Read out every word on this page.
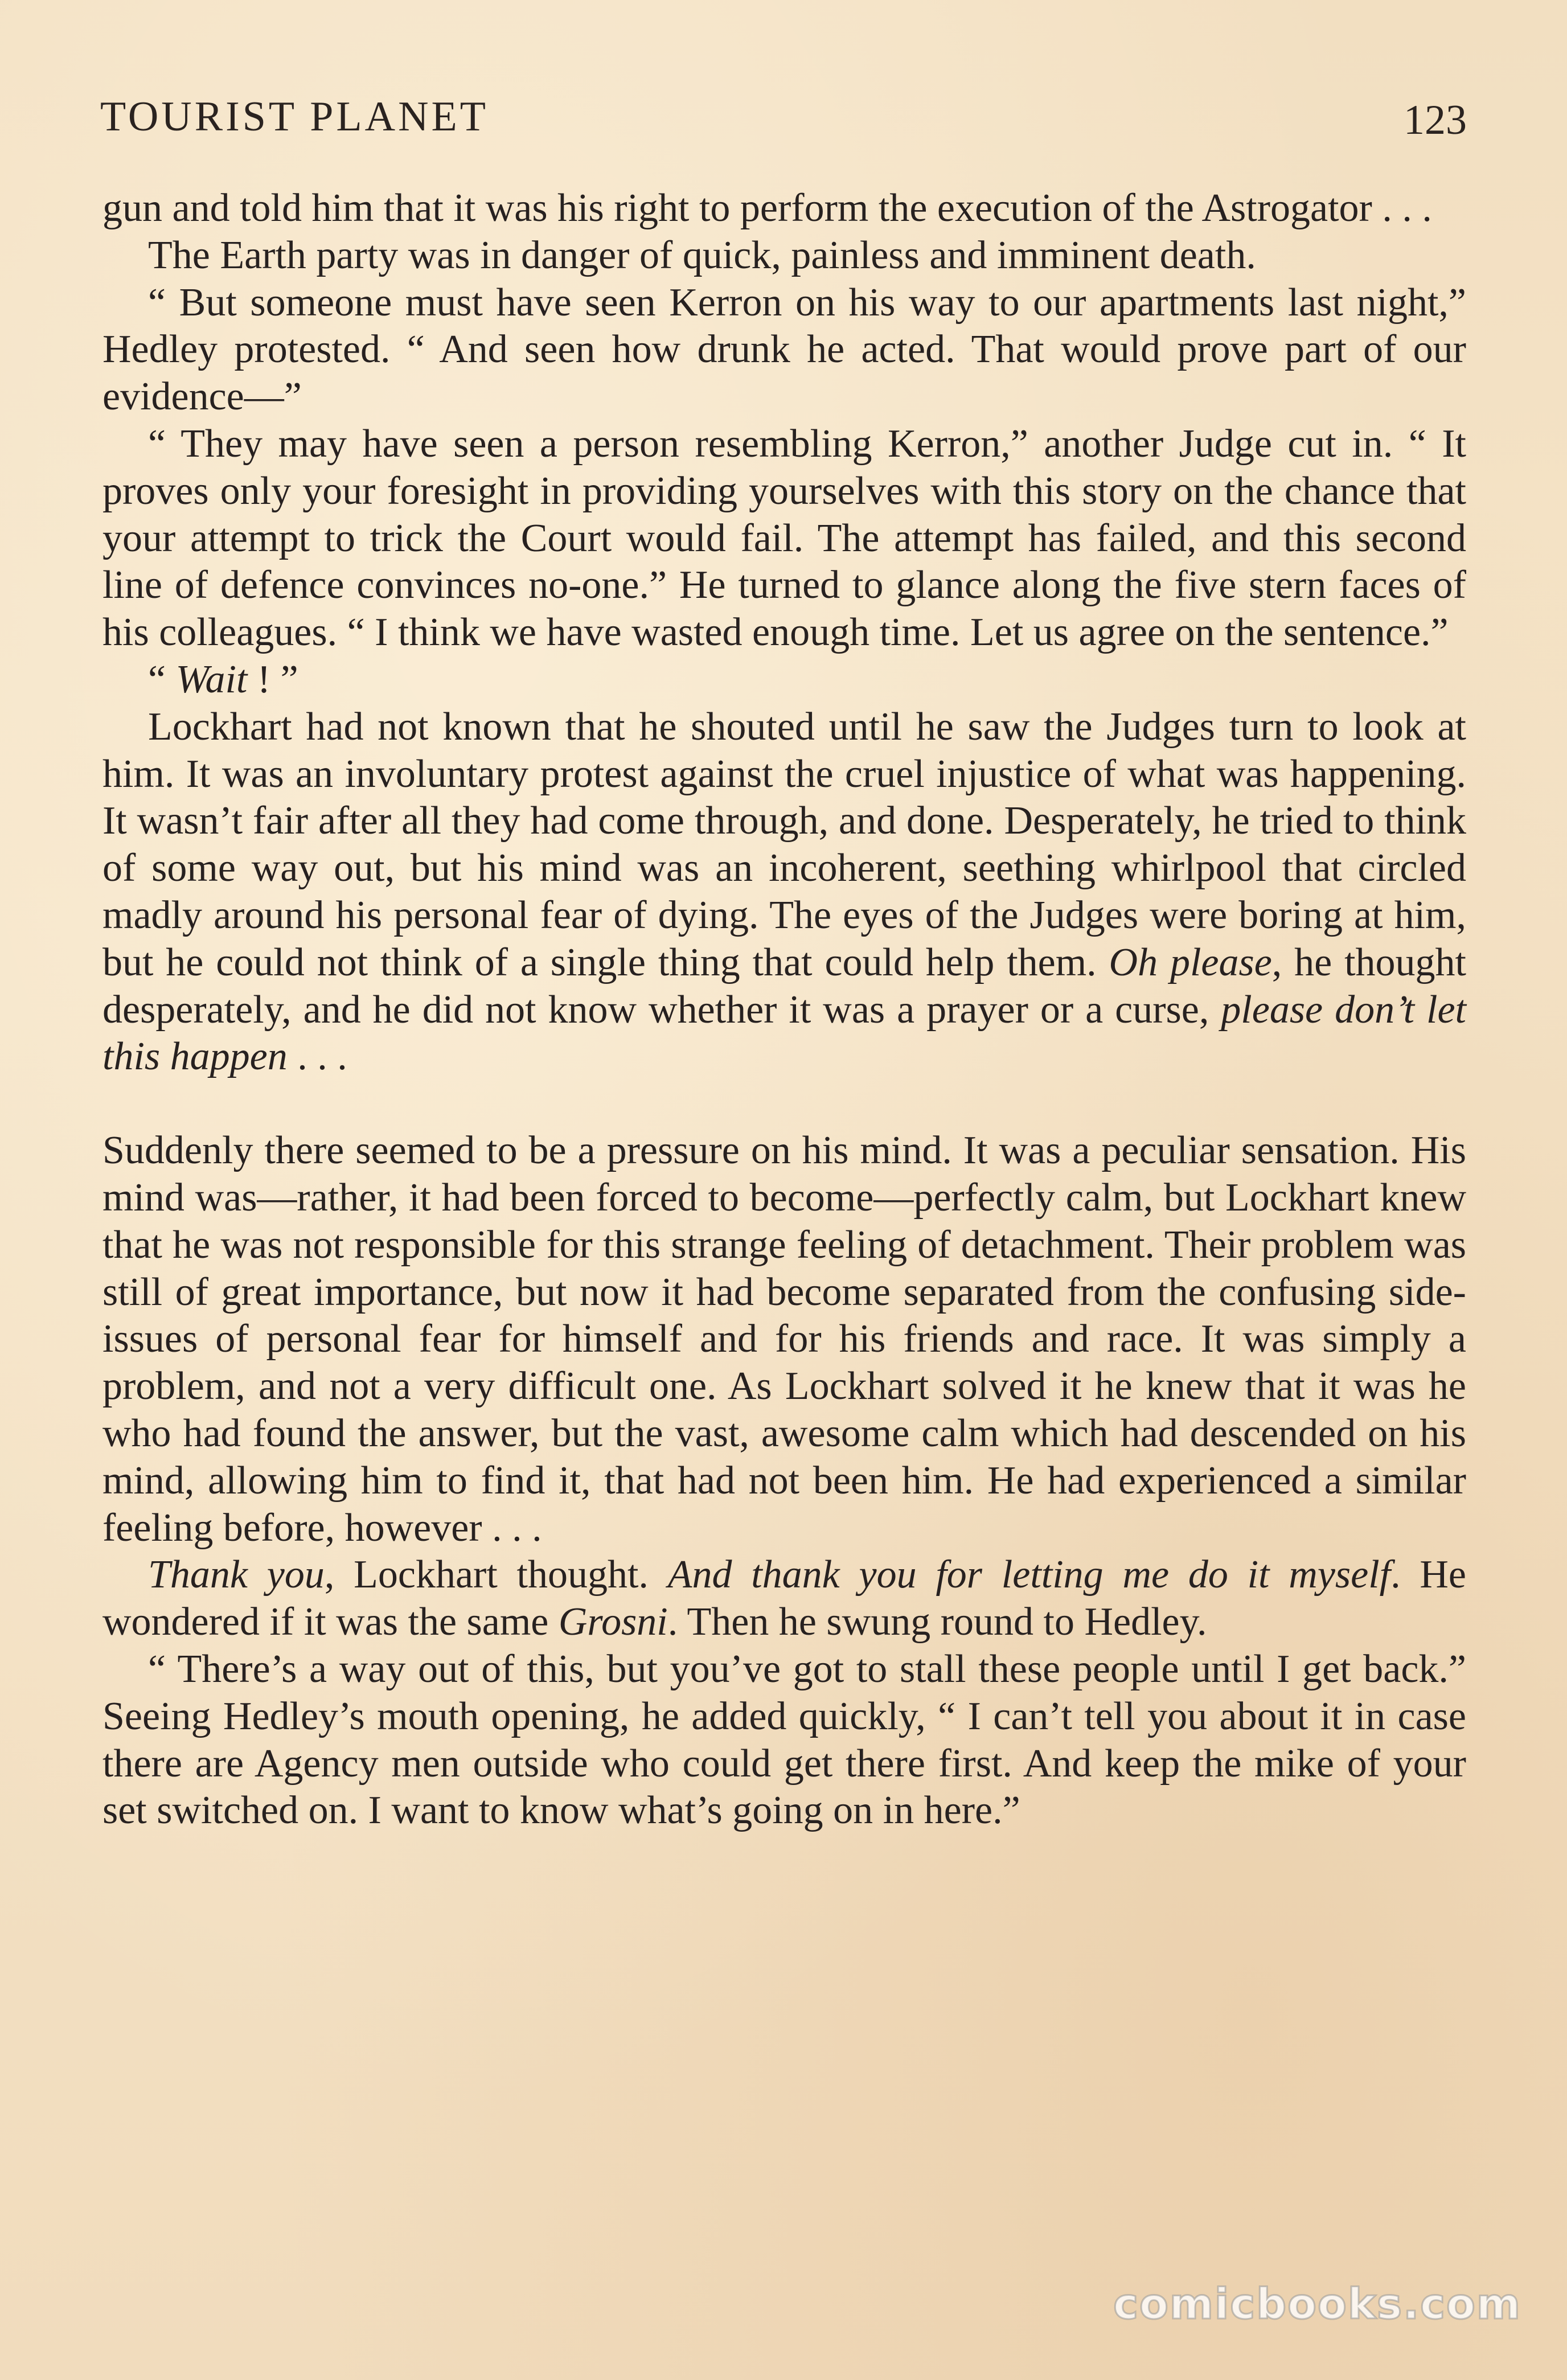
TOURIST PLANET	123

gun and told him that it was his right to perform the execution of the Astrogator . . .

The Earth party was in danger of quick, painless and imminent death.

“ But someone must have seen Kerron on his way to our apartments last night,” Hedley protested. “ And seen how drunk he acted. That would prove part of our evidence—”

“ They may have seen a person resembling Kerron,” another Judge cut in. “ It proves only your foresight in providing yourselves with this story on the chance that your attempt to trick the Court would fail. The attempt has failed, and this second line of defence convinces no-one.” He turned to glance along the five stern faces of his colleagues. “ I think we have wasted enough time. Let us agree on the sentence.”

“ Wait ! ”

Lockhart had not known that he shouted until he saw the Judges turn to look at him. It was an involuntary protest against the cruel injustice of what was happening. It wasn’t fair after all they had come through, and done. Desperately, he tried to think of some way out, but his mind was an incoherent, seething whirlpool that circled madly around his personal fear of dying. The eyes of the Judges were boring at him, but he could not think of a single thing that could help them. Oh please, he thought desperately, and he did not know whether it was a prayer or a curse, please don’t let this happen . . .

Suddenly there seemed to be a pressure on his mind. It was a peculiar sensation. His mind was—rather, it had been forced to become—perfectly calm, but Lockhart knew that he was not responsible for this strange feeling of detachment. Their problem was still of great importance, but now it had become separated from the confusing side-issues of personal fear for himself and for his friends and race. It was simply a problem, and not a very difficult one. As Lockhart solved it he knew that it was he who had found the answer, but the vast, awesome calm which had descended on his mind, allowing him to find it, that had not been him. He had experienced a similar feeling before, however . . .

Thank you, Lockhart thought. And thank you for letting me do it myself. He wondered if it was the same Grosni. Then he swung round to Hedley.

“ There’s a way out of this, but you’ve got to stall these people until I get back.” Seeing Hedley’s mouth opening, he added quickly, “ I can’t tell you about it in case there are Agency men outside who could get there first. And keep the mike of your set switched on. I want to know what’s going on in here.”

comicbooks.com
